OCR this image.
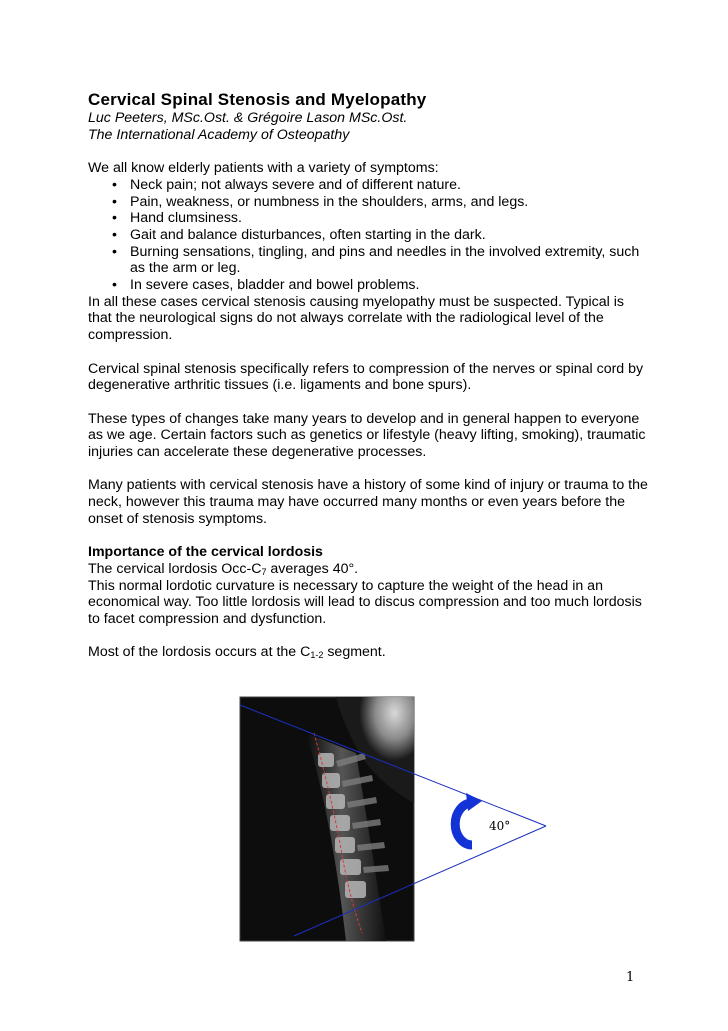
Cervical Spinal Stenosis and Myelopathy

Luc Peeters, MSc.Ost. & Grégoire Lason MSc.Ost.

The International Academy of Osteopathy

We all know elderly patients with a variety of symptoms:

• Neck pain; not always severe and of different nature.
• Pain, weakness, or numbness in the shoulders, arms, and legs.
• Hand clumsiness.
• Gait and balance disturbances, often starting in the dark.
• Burning sensations, tingling, and pins and needles in the involved extremity, such as the arm or leg.
• In severe cases, bladder and bowel problems.

In all these cases cervical stenosis causing myelopathy must be suspected. Typical is that the neurological signs do not always correlate with the radiological level of the compression.

Cervical spinal stenosis specifically refers to compression of the nerves or spinal cord by degenerative arthritic tissues (i.e. ligaments and bone spurs).

These types of changes take many years to develop and in general happen to everyone as we age. Certain factors such as genetics or lifestyle (heavy lifting, smoking), traumatic injuries can accelerate these degenerative processes.

Many patients with cervical stenosis have a history of some kind of injury or trauma to the neck, however this trauma may have occurred many months or even years before the onset of stenosis symptoms.

Importance of the cervical lordosis

The cervical lordosis Occ-$C_7$ averages 40°.

This normal lordotic curvature is necessary to capture the weight of the head in an economical way. Too little lordosis will lead to discus compression and too much lordosis to facet compression and dysfunction.

Most of the lordosis occurs at the $C_{1-2}$ segment.

40°
1
